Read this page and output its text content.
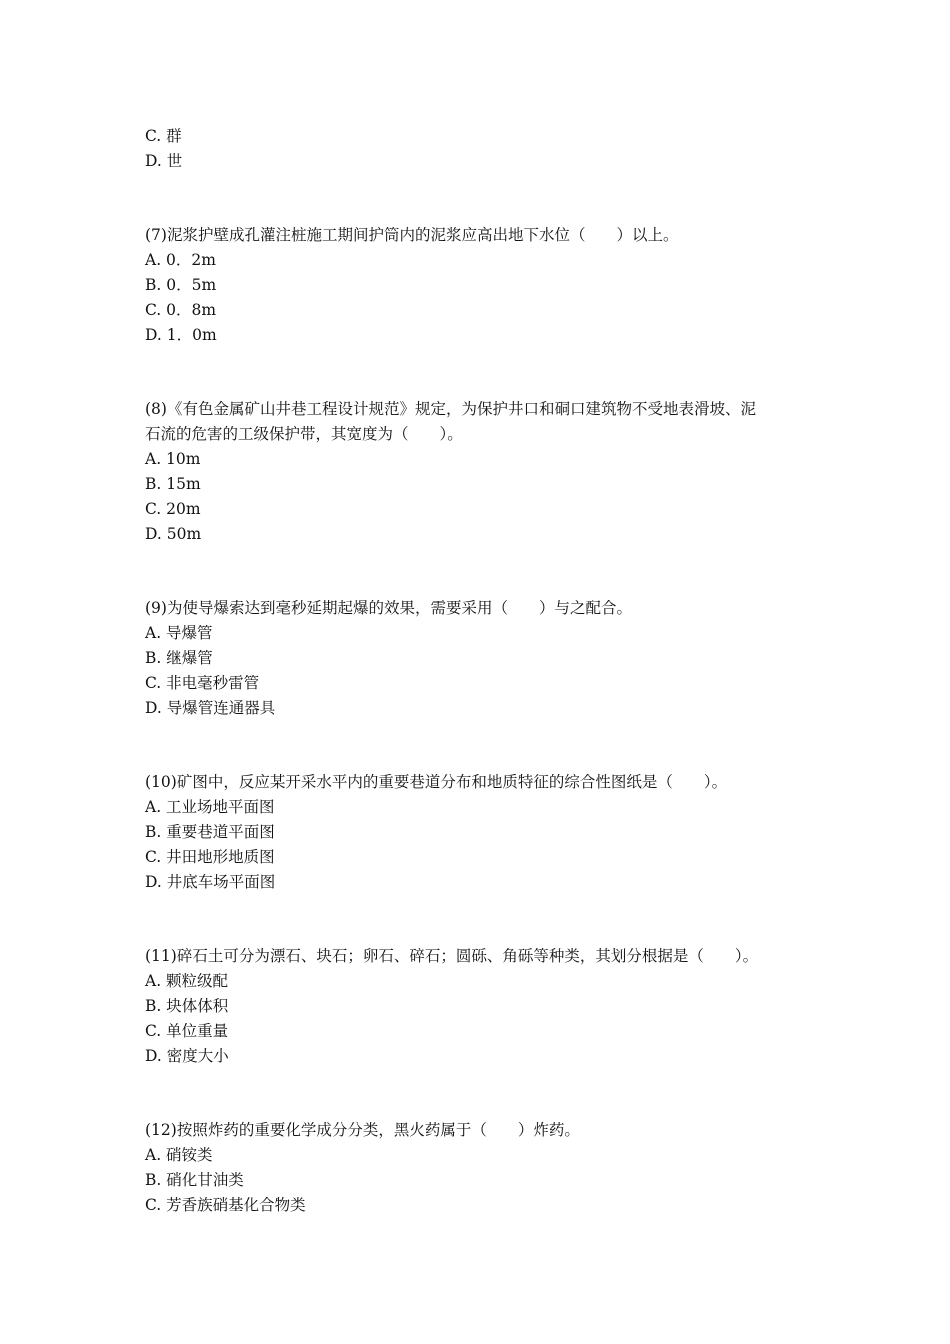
C. 群
D. 世
(7)泥浆护壁成孔灌注桩施工期间护筒内的泥浆应高出地下水位（　　）以上。
A. 0．2m
B. 0．5m
C. 0．8m
D. 1．0m
(8)《有色金属矿山井巷工程设计规范》规定，为保护井口和硐口建筑物不受地表滑坡、泥
石流的危害的工级保护带，其宽度为（　　）。
A. 10m
B. 15m
C. 20m
D. 50m
(9)为使导爆索达到毫秒延期起爆的效果，需要采用（　　）与之配合。
A. 导爆管
B. 继爆管
C. 非电毫秒雷管
D. 导爆管连通器具
(10)矿图中，反应某开采水平内的重要巷道分布和地质特征的综合性图纸是（　　）。
A. 工业场地平面图
B. 重要巷道平面图
C. 井田地形地质图
D. 井底车场平面图
(11)碎石土可分为漂石、块石；卵石、碎石；圆砾、角砾等种类，其划分根据是（　　）。
A. 颗粒级配
B. 块体体积
C. 单位重量
D. 密度大小
(12)按照炸药的重要化学成分分类，黑火药属于（　　）炸药。
A. 硝铵类
B. 硝化甘油类
C. 芳香族硝基化合物类
